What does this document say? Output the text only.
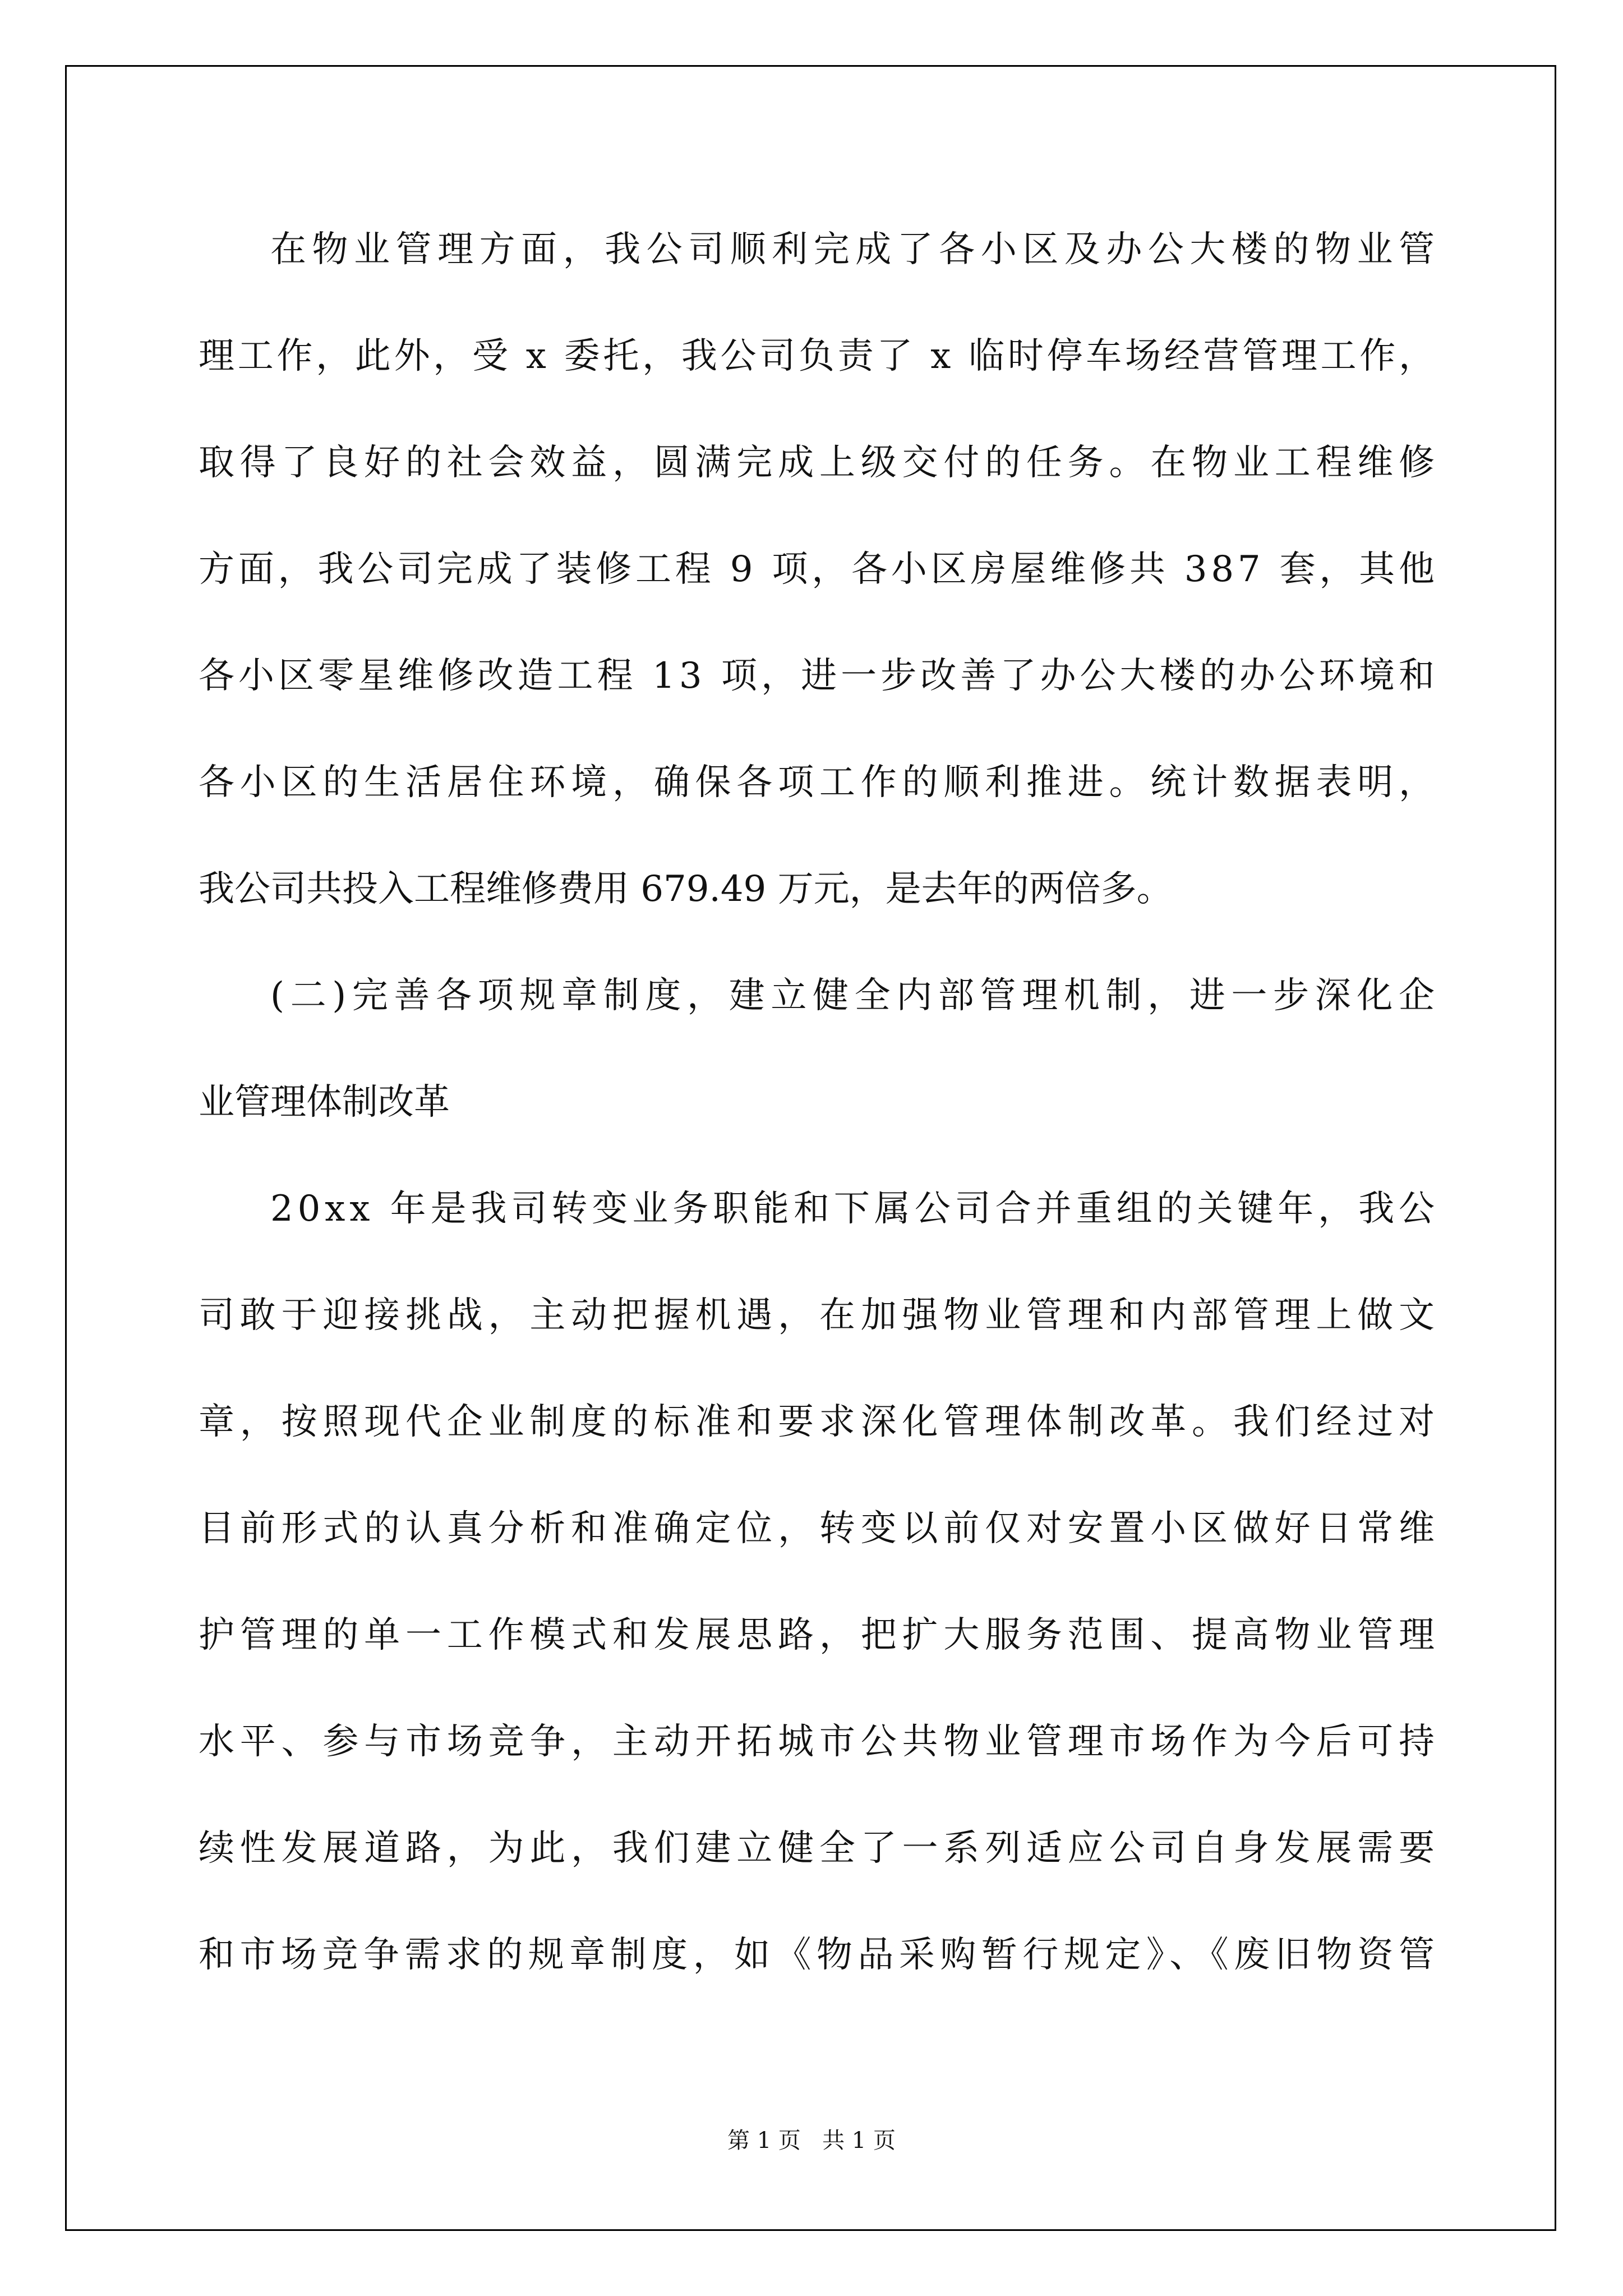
在物业管理方面，我公司顺利完成了各小区及办公大楼的物业管
理工作，此外，受 x 委托，我公司负责了 x 临时停车场经营管理工作，
取得了良好的社会效益，圆满完成上级交付的任务。在物业工程维修
方面，我公司完成了装修工程 9 项，各小区房屋维修共 387 套，其他
各小区零星维修改造工程 13 项，进一步改善了办公大楼的办公环境和
各小区的生活居住环境，确保各项工作的顺利推进。统计数据表明，
我公司共投入工程维修费用 679.49 万元，是去年的两倍多。
(二)完善各项规章制度，建立健全内部管理机制，进一步深化企
业管理体制改革
20xx 年是我司转变业务职能和下属公司合并重组的关键年，我公
司敢于迎接挑战，主动把握机遇，在加强物业管理和内部管理上做文
章，按照现代企业制度的标准和要求深化管理体制改革。我们经过对
目前形式的认真分析和准确定位，转变以前仅对安置小区做好日常维
护管理的单一工作模式和发展思路，把扩大服务范围、提高物业管理
水平、参与市场竞争，主动开拓城市公共物业管理市场作为今后可持
续性发展道路，为此，我们建立健全了一系列适应公司自身发展需要
和市场竞争需求的规章制度，如《物品采购暂行规定》、《废旧物资管
第 1 页   共 1 页
